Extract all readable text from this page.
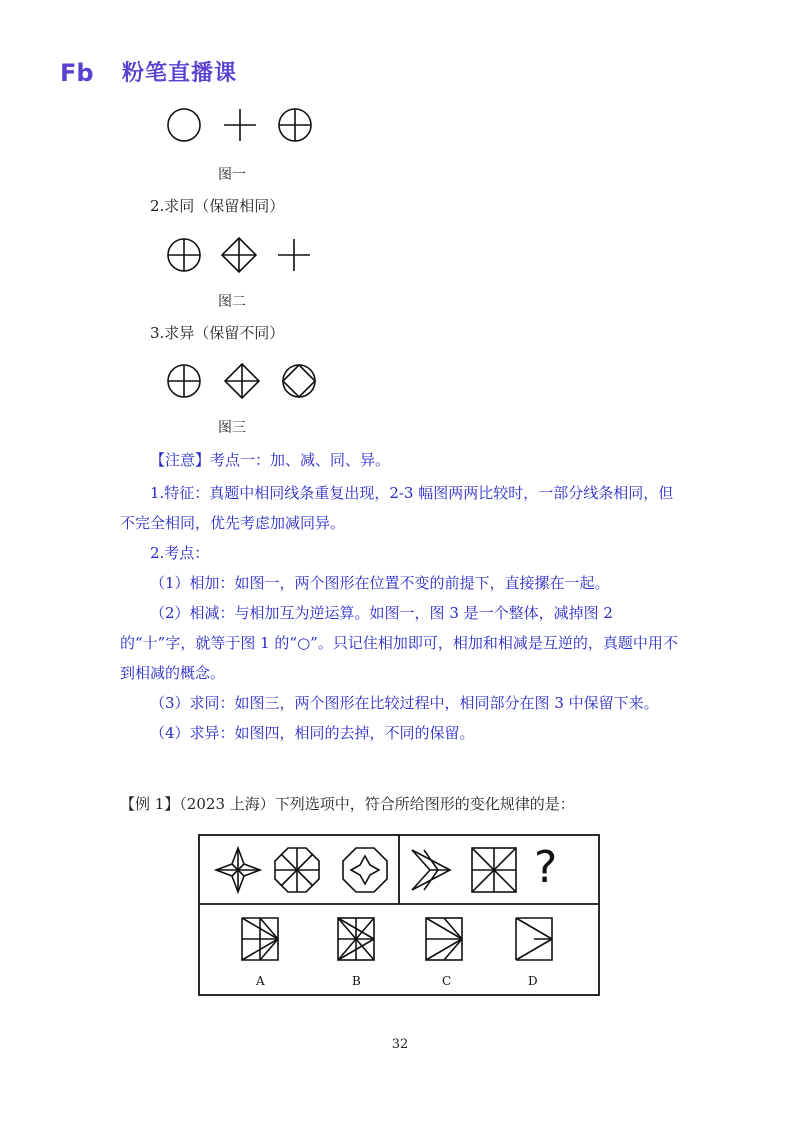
Fb 粉笔直播课
图一
2.求同（保留相同）
图二
3.求异（保留不同）
图三
【注意】考点一：加、减、同、异。
1.特征：真题中相同线条重复出现，2-3 幅图两两比较时，一部分线条相同，但不完全相同，优先考虑加减同异。
2.考点：
（1）相加：如图一，两个图形在位置不变的前提下，直接摞在一起。
（2）相减：与相加互为逆运算。如图一，图 3 是一个整体，减掉图 2 的“十”字，就等于图 1 的“○”。只记住相加即可，相加和相减是互逆的，真题中用不到相减的概念。
（3）求同：如图三，两个图形在比较过程中，相同部分在图 3 中保留下来。
（4）求异：如图四，相同的去掉，不同的保留。
【例 1】（2023 上海）下列选项中，符合所给图形的变化规律的是：
?
A	B	C	D
32
